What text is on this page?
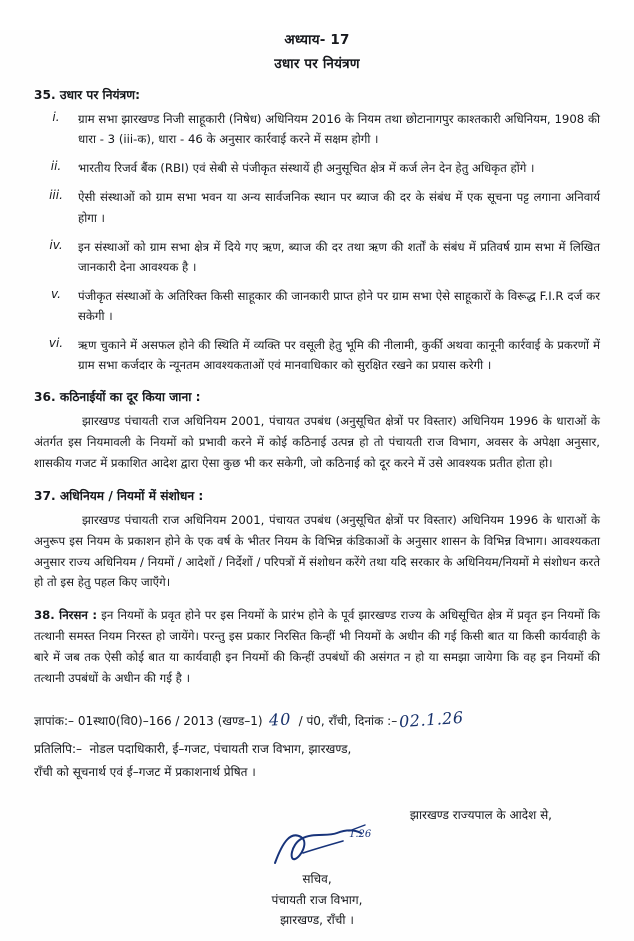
अध्याय- 17
उधार पर नियंत्रण
35. उधार पर नियंत्रण:
i.	ग्राम सभा झारखण्ड निजी साहूकारी (निषेध) अधिनियम 2016 के नियम तथा छोटानागपुर काश्तकारी अधिनियम, 1908 की धारा - 3 (iii-क), धारा - 46 के अनुसार कार्रवाई करने में सक्षम होगी ।
ii.	भारतीय रिजर्व बैंक (RBI) एवं सेबी से पंजीकृत संस्थायें ही अनुसूचित क्षेत्र में कर्ज लेन देन हेतु अधिकृत होंगे ।
iii.	ऐसी संस्थाओं को ग्राम सभा भवन या अन्य सार्वजनिक स्थान पर ब्याज की दर के संबंध में एक सूचना पट्ट लगाना अनिवार्य होगा ।
iv.	इन संस्थाओं को ग्राम सभा क्षेत्र में दिये गए ऋण, ब्याज की दर तथा ऋण की शर्तों के संबंध में प्रतिवर्ष ग्राम सभा में लिखित जानकारी देना आवश्यक है ।
v.	पंजीकृत संस्थाओं के अतिरिक्त किसी साहूकार की जानकारी प्राप्त होने पर ग्राम सभा ऐसे साहूकारों के विरूद्ध F.I.R दर्ज कर सकेगी ।
vi.	ऋण चुकाने में असफल होने की स्थिति में व्यक्ति पर वसूली हेतु भूमि की नीलामी, कुर्की अथवा कानूनी कार्रवाई के प्रकरणों में ग्राम सभा कर्जदार के न्यूनतम आवश्यकताओं एवं मानवाधिकार को सुरक्षित रखने का प्रयास करेगी ।
36. कठिनाईयों का दूर किया जाना :
झारखण्ड पंचायती राज अधिनियम 2001, पंचायत उपबंध (अनुसूचित क्षेत्रों पर विस्तार) अधिनियम 1996 के धाराओं के अंतर्गत इस नियमावली के नियमों को प्रभावी करने में कोई कठिनाई उत्पन्न हो तो पंचायती राज विभाग, अवसर के अपेक्षा अनुसार, शासकीय गजट में प्रकाशित आदेश द्वारा ऐसा कुछ भी कर सकेगी, जो कठिनाई को दूर करने में उसे आवश्यक प्रतीत होता हो।
37. अधिनियम / नियमों में संशोधन :
झारखण्ड पंचायती राज अधिनियम 2001, पंचायत उपबंध (अनुसूचित क्षेत्रों पर विस्तार) अधिनियम 1996 के धाराओं के अनुरूप इस नियम के प्रकाशन होने के एक वर्ष के भीतर नियम के विभिन्न कंडिकाओं के अनुसार शासन के विभिन्न विभाग। आवश्यकता अनुसार राज्य अधिनियम / नियमों / आदेशों / निर्देशों / परिपत्रों में संशोधन करेंगे तथा यदि सरकार के अधिनियम/नियमों मे संशोधन करते हो तो इस हेतु पहल किए जाएँगे।
38. निरसन : इन नियमों के प्रवृत होने पर इस नियमों के प्रारंभ होने के पूर्व झारखण्ड राज्य के अधिसूचित क्षेत्र में प्रवृत इन नियमों कि तत्थानी समस्त नियम निरस्त हो जायेंगे। परन्तु इस प्रकार निरसित किन्हीं भी नियमों के अधीन की गई किसी बात या किसी कार्यवाही के बारे में जब तक ऐसी कोई बात या कार्यवाही इन नियमों की किन्हीं उपबंधों की असंगत न हो या समझा जायेगा कि वह इन नियमों की तत्थानी उपबंधों के अधीन की गई है ।
ज्ञापांक:–
01स्था0(वि0)–166 / 2013 (खण्ड–1)
40
/ पं0, राँची, दिनांक :– 02.1.26
प्रतिलिपि:– नोडल पदाधिकारी, ई–गजट, पंचायती राज विभाग, झारखण्ड,
राँची को सूचनार्थ एवं ई–गजट में प्रकाशनार्थ प्रेषित ।
झारखण्ड राज्यपाल के आदेश से,
1.26
सचिव,
पंचायती राज विभाग,
झारखण्ड, राँची ।
